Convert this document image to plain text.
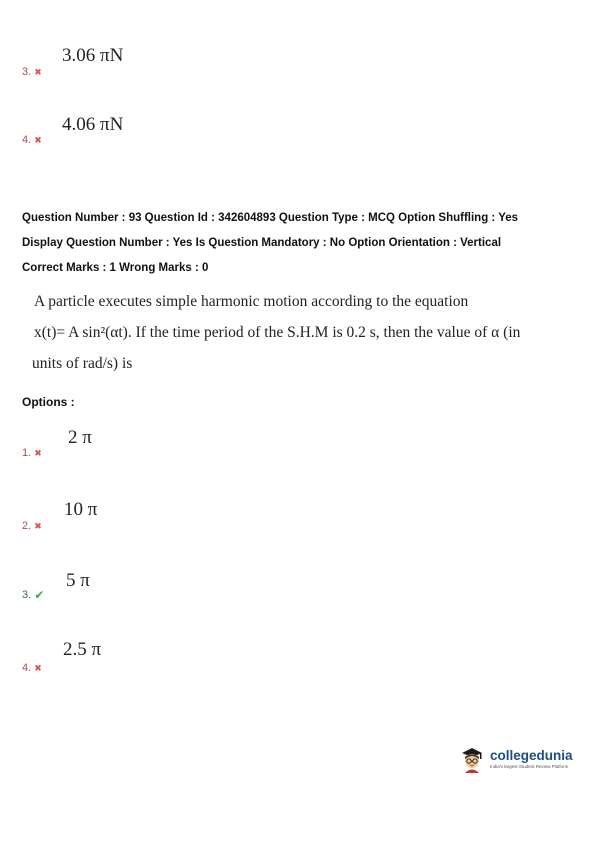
3.06 πN
3. ✖
4.06 πN
4. ✖
Question Number : 93 Question Id : 342604893 Question Type : MCQ Option Shuffling : Yes
Display Question Number : Yes Is Question Mandatory : No Option Orientation : Vertical
Correct Marks : 1 Wrong Marks : 0
A particle executes simple harmonic motion according to the equation
x(t)= A sin²(αt). If the time period of the S.H.M is 0.2 s, then the value of α (in
units of rad/s) is
Options :
2 π
1. ✖
10 π
2. ✖
5 π
3. ✔
2.5 π
4. ✖
collegedunia
India's largest Student Review Platform
